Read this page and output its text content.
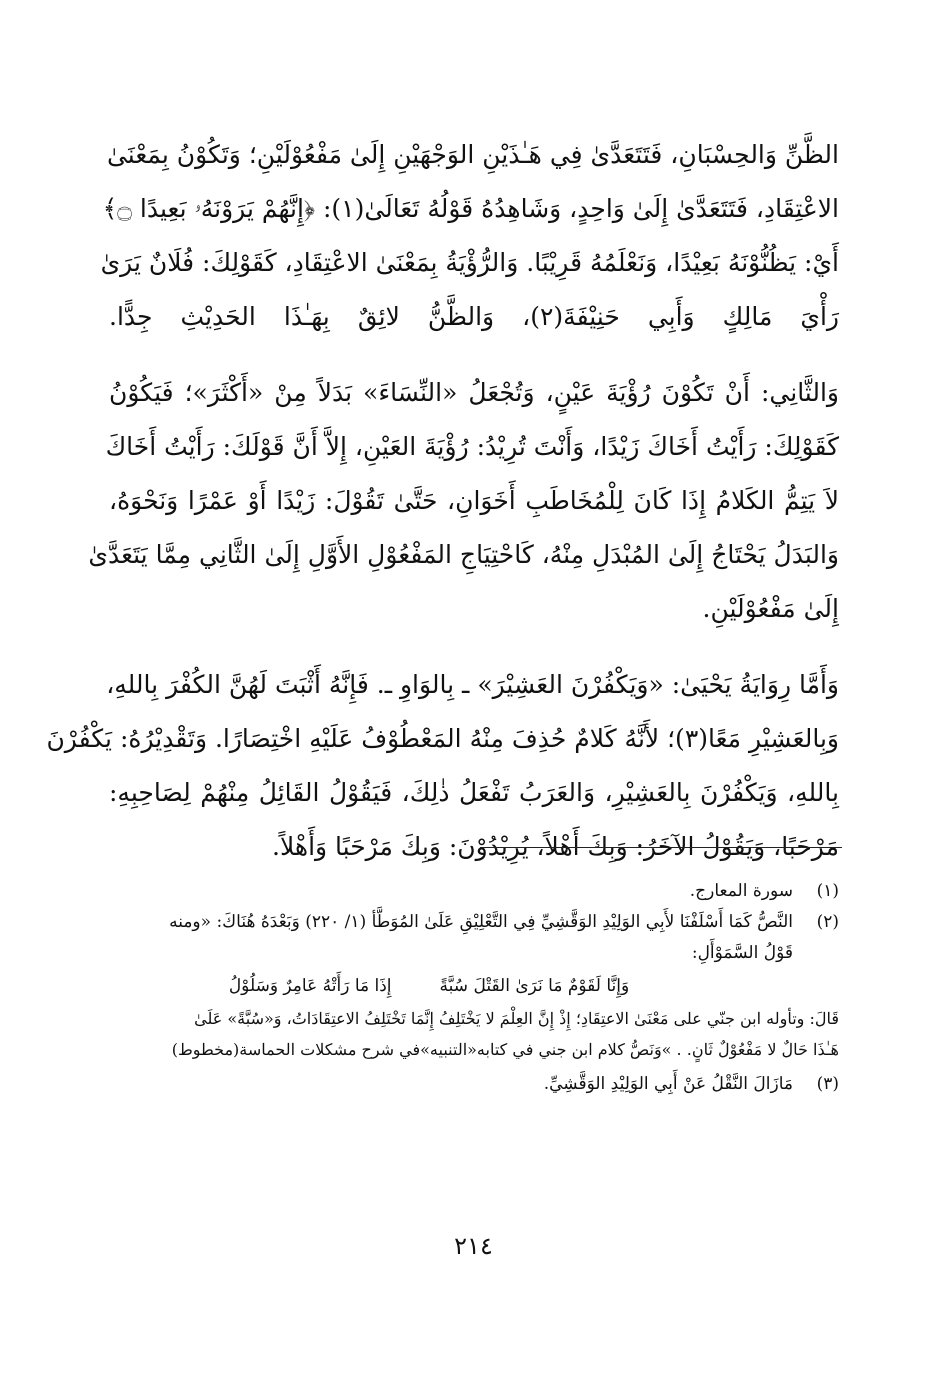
الظَّنِّ وَالحِسْبَانِ، فَتَتَعَدَّىٰ فِي هَـٰذَيْنِ الوَجْهَيْنِ إِلَىٰ مَفْعُوْلَيْنِ؛ وَتَكُوْنُ بِمَعْنَىٰ
الاعْتِقَادِ، فَتَتَعَدَّىٰ إِلَىٰ وَاحِدٍ، وَشَاهِدُهُ قَوْلُهُ تَعَالَىٰ(١): ﴿إِنَّهُمْ يَرَوْنَهُۥ بَعِيدًا ۝﴾
أَيْ: يَظُنُّوْنَهُ بَعِيْدًا، وَنَعْلَمُهُ قَرِيْبًا. وَالرُّؤْيَةُ بِمَعْنَىٰ الاعْتِقَادِ، كَقَوْلِكَ: فُلَانٌ يَرَىٰ
رَأْيَ مَالِكٍ وَأَبِي حَنِيْفَةَ(٢)، وَالظَّنُّ لائِقٌ بِهَـٰذَا الحَدِيْثِ جِدًّا.
وَالثَّانِي: أَنْ تَكُوْنَ رُؤْيَةَ عَيْنٍ، وَتُجْعَلُ «النِّسَاءَ» بَدَلاً مِنْ «أَكْثَرَ»؛ فَيَكُوْنُ
كَقَوْلِكَ: رَأَيْتُ أَخَاكَ زَيْدًا، وَأَنْتَ تُرِيْدُ: رُؤْيَةَ العَيْنِ، إِلاَّ أَنَّ قَوْلَكَ: رَأَيْتُ أَخَاكَ
لاَ يَتِمُّ الكَلامُ إِذَا كَانَ لِلْمُخَاطَبِ أَخَوَانِ، حَتَّىٰ تَقُوْلَ: زَيْدًا أَوْ عَمْرًا وَنَحْوَهُ،
وَالبَدَلُ يَحْتَاجُ إِلَىٰ المُبْدَلِ مِنْهُ، كَاحْتِيَاجِ المَفْعُوْلِ الأَوَّلِ إِلَىٰ الثَّانِي مِمَّا يَتَعَدَّىٰ
إِلَىٰ مَفْعُوْلَيْنِ.
وَأَمَّا رِوَايَةُ يَحْيَىٰ: «وَيَكْفُرْنَ العَشِيْرَ» ـ بِالوَاوِ ـ. فَإِنَّهُ أَثْبَتَ لَهُنَّ الكُفْرَ بِاللهِ،
وَبِالعَشِيْرِ مَعًا(٣)؛ لأَنَّهُ كَلامٌ حُذِفَ مِنْهُ المَعْطُوْفُ عَلَيْهِ اخْتِصَارًا. وَتَقْدِيْرُهُ: يَكْفُرْنَ
بِاللهِ، وَيَكْفُرْنَ بِالعَشِيْرِ، وَالعَرَبُ تَفْعَلُ ذٰلِكَ، فَيَقُوْلُ القَائِلُ مِنْهُمْ لِصَاحِبِهِ:
مَرْحَبًا، وَيَقُوْلُ الآخَرُ: وَبِكَ أَهْلاً، يُرِيْدُوْنَ: وَبِكَ مَرْحَبًا وَأَهْلاً.
(١)
سورة المعارج.
(٢)
النَّصُّ كَمَا أَسْلَفْنَا لأَبِي الوَلِيْدِ الوَقَّشِيِّ فِي التَّعْلِيْقِ عَلَىٰ المُوَطَّأ (١/ ٢٢٠) وَبَعْدَهُ هُنَاكَ: «ومنه
قَوْلُ السَّمَوْأَلِ:
وَإِنَّا لَقَوْمٌ مَا نَرَىٰ القَتْلَ سُبَّةً
إِذَا مَا رَأَتْهُ عَامِرٌ وَسَلُوْلُ
قَالَ: وتأوله ابن جنّي على مَعْنَىٰ الاعتِقَادِ؛ إِذْ إِنَّ العِلْمَ لا يَخْتَلِفُ إِنَّمَا تَخْتَلِفُ الاعتِقَادَاتُ، وَ«سُبَّةً» عَلَىٰ
هَـٰذَا حَالٌ لا مَفْعُوْلٌ ثَانٍ. . »وَنَصُّ كلام ابن جني في كتابه«التنبيه»في شرح مشكلات الحماسة(مخطوط)
(٣)
مَازَالَ النَّقْلُ عَنْ أَبِي الوَلِيْدِ الوَقَّشِيِّ.
٢١٤
